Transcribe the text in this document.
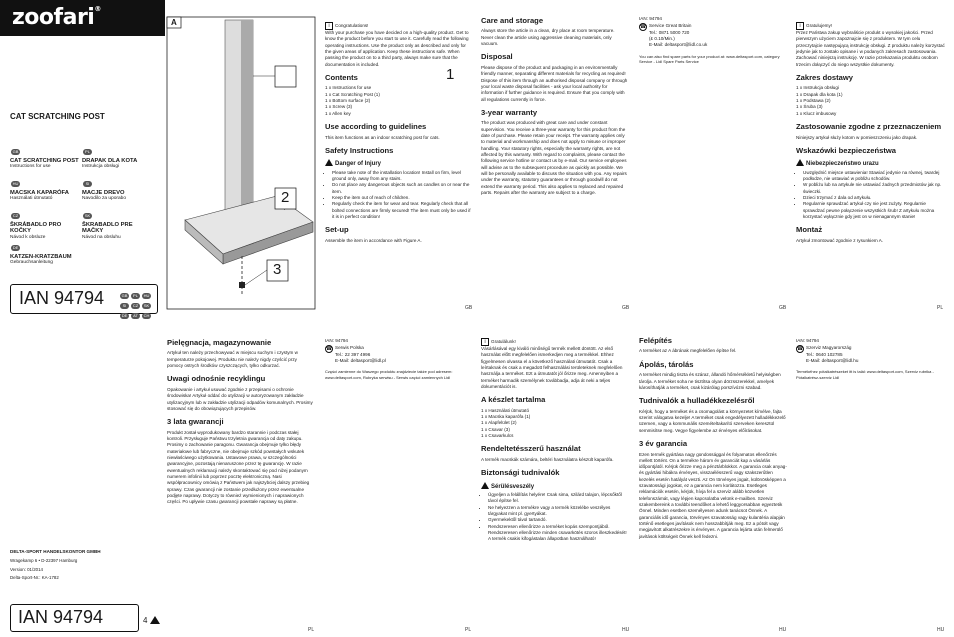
zoofari®
CAT SCRATCHING POST
GB
CAT SCRATCHING POST
Instructions for use
PL
DRAPAK DLA KOTA
Instrukcja obsługi
HU
MACSKA KAPARÓFA
Használati útmutató
SI
MACJE DREVO
Navodilo za uporabo
CZ
ŠKRÁBADLO PRO KOČKY
Návod k obsluze
SK
ŠKRABADLO PRE MAČKY
Návod na obsluhu
DE
KATZEN-KRATZBAUM
Gebrauchsanleitung
IAN 94794	GB PL HUSI CZ SKDE AT CH
A
1
2
3
i Congratulations!
With your purchase you have decided on a high-quality product. Get to know the product before you start to use it. Carefully read the following operating instructions. Use the product only as described and only for the given areas of application. Keep these instructions safe. When passing the product on to a third party, always make sure that the documentation is included.
Contents
1 x Instructions for use
1 x Cat Scratching Post (1)
1 x Bottom surface (2)
1 x Screw (3)
1 x Allen key
Use according to guidelines
This item functions as an indoor scratching post for cats.
Safety Instructions
Danger of Injury
• Please take note of the installation location! Install on firm, level ground only, away from any stairs.
• Do not place any dangerous objects such as candles on or near the item.
• Keep the item out of reach of children.
• Regularly check the item for wear and tear. Regularly check that all bolted connections are firmly secured! The item must only be used if it is in perfect condition!
Set-up
Assemble the item in accordance with Figure A.
Care and storage
Always store the article in a clean, dry place at room temperature. Never clean the article using aggressive cleaning materials, only vacuum.
Disposal
Please dispose of the product and packaging in an environmentally friendly manner, separating different materials for recycling as required! Dispose of this item through an authorised disposal company or through your local waste disposal facilities - ask your local authority for information if further guidance is required. Ensure that you comply with all regulations currently in force.
3-year warranty
The product was produced with great care and under constant supervision. You receive a three-year warranty for this product from the date of purchase. Please retain your receipt. The warranty applies only to material and workmanship and does not apply to misuse or improper handling. Your statutory rights, especially the warranty rights, are not affected by this warranty. With regard to complaints, please contact the following service hotline or contact us by e-mail. Our service employees will advise as to the subsequent procedure as quickly as possible. We will be personally available to discuss the situation with you. Any repairs under the warranty, statutory guarantees or through goodwill do not extend the warranty period. This also applies to replaced and repaired parts. Repairs after the warranty are subject to a charge.
IAN: 94794
☎ Service Great Britain
Tel.: 0871 5000 720
(£ 0.10/Min.)
E-Mail: deltasport@lidl.co.uk
You can also find spare parts for your product at: www.deltasport.com, category Service - Lidl Spare Parts Service
i Gratulujemy!
Przez Państwa zakup wybraliście produkt o wysokiej jakości. Przed pierwszym użyciem zapoznajcie się z produktem. W tym celu przeczytajcie następującą instrukcję obsługi. Z produktu należy korzystać jedynie jak to zostało opisane i w podanych zakresach zastosowania. Zachować niniejszą instrukcję. W razie przekazania produktu osobom trzecim dołączyć do niego wszystkie dokumenty.
Zakres dostawy
1 x Instrukcja obsługi
1 x Drapak dla kota (1)
1 x Podstawa (2)
1 x Śruba (3)
1 x Klucz imbusowy
Zastosowanie zgodne z przeznaczeniem
Niniejszy artykuł służy kotom w pomieszczeniu jako drapak.
Wskazówki bezpieczeństwa
Niebezpieczeństwo urazu
• Uwzględnić miejsce ustawienia! Stawiać jedynie na równej, twardej podłodze, nie ustawiać w pobliżu schodów.
• W pobliżu lub na artykule nie ustawiać żadnych przedmiotów jak np. świeczki.
• Dzieci trzymać z dala od artykułu.
• Regularnie sprawdzać artykuł czy nie jest zużyty. Regularnie sprawdzać pewne połączenie wszystkich śrub! Z artykułu można korzystać wyłącznie gdy jest on w nienagannym stanie!
Montaż
Artykuł zmontować zgodnie z rysunkiem A.
GB	GB	GB	PL
DELTA-SPORT HANDELSKONTOR GMBH
Wragekamp 6 • D-22397 Hamburg
Version: 01/2014
Delta-Sport-Nr.: KA-1782
IAN 94794	4
Pielęgnacja, magazynowanie
Artykuł ten należy przechowywać w miejscu suchym i czystym w temperaturze pokojowej. Produktu nie należy nigdy czyścić przy pomocy ostrych środków czyszczących, tylko odkurzać.
Uwagi odnośnie recyklingu
Opakowanie i artykuł usuwać zgodnie z przepisami o ochronie środowiska! Artykuł oddać do utylizacji w autoryzowanym zakładzie utylizacyjnym lub w zakładzie utylizacji odpadów komunalnych. Prosimy stosować się do obowiązujących przepisów.
3 lata gwarancji
Produkt został wyprodukowany bardzo starannie i podczas stałej kontroli. Przysługuje Państwu trzyletnia gwarancja od daty zakupu. Prosimy o zachowanie paragonu. Gwarancja obejmuje tylko błędy materiałowe lub fabryczne, nie obejmuje szkód powstałych wskutek niewłaściwego użytkowania. Ustawowe prawa, w szczególności gwarancyjne, pozostają nienaruszone przez tę gwarancję. W razie ewentualnych reklamacji należy skontaktować się pod niżej podanym numerem infolinii lub poprzez pocztę elektroniczną. Nasi współpracownicy omówią z Państwem jak najszybciej dalszy przebieg sprawy. Czas gwarancji nie zostanie przedłużony przez ewentualne podjęte naprawy. Dotyczy to również wymienionych i naprawionych części. Po upływie czasu gwarancji powstałe naprawy są płatne.
IAN: 94794
☎ Serwis Polska
Tel.: 22 397 4996
E-Mail: deltasport@lidl.pl
Części zamienne do Waszego produktu znajdziecie także pod adresem: www.deltasport.com, Rubryka serwisu - Serwis części zamiennych Lidl
i Gratulálunk!
Vásárlásával egy kiváló minőségű termék mellett döntött. Az első használat előtt megfelelően ismerkedjen meg a termékkel. Ehhez figyelmesen olvassa el a következő használati útmutatót. Csak a leírtaknak és csak a megadott felhasználási területeknek megfelelően használja a terméket. Ezt a útmutatót jól őrizze meg. Amennyiben a terméket harmadik személynek továbbadja, adja át neki a teljes dokumentációt is.
A készlet tartalma
1 x Használati útmutató
1 x Macska kaparófa (1)
1 x Alapfelület (2)
1 x Csavar (3)
1 x Csavarkulcs
Rendeltetésszerű használat
A termék macskák számára, beltéri használatra készült kaparófa.
Biztonsági tudnivalók
Sérülésveszély
• Ügyeljen a felállítás helyére! Csak sima, szilárd talajon, lépcsőktől távol építse fel.
• Ne helyezzen a termékre vagy a termék közelébe veszélyes tárgyakat mint pl. gyertyákat.
• Gyermekektől távol tartandó.
• Rendszeresen ellenőrizze a terméket kopás szempontjából. Rendszeresen ellenőrizze minden csavarkötés szoros illeszkedését! A termék csakis kifogástalan állapotban használható!
Felépítés
A terméket az A ábrának megfelelően építse fel.
Ápolás, tárolás
A terméket mindig tiszta és száraz, állandó hőmérsékletű helyiségben tárolja. A terméket soha ne tisztítsa olyan dörzsszerekkel, amelyek károsíthatják a terméket, csak kizárólag porszívózni szabad.
Tudnivalók a hulladékkezelésről
Kérjük, hogy a terméket és a csomagolást a környezetet kímélve, fajta szerint válogatva kezelje! A terméket csak engedélyezett hulladékkezelő üzemen, vagy a kommunális szemételtakarító szerveken keresztül semmisítse meg. Vegye figyelembe az érvényes előírásokat.
3 év garancia
Ezen termék gyártása nagy gondossággal és folyamatos ellenőrzés mellett történt. On a termékre három év garanciát kap a vásárlás időpontjától. Kérjük őrizze meg a pénztárblokkot. A garancia csak anyag- és gyártási hibákra érvényes, visszaélésszerű vagy szakszerűtlen kezelés esetén hatályát veszti. Az On törvényes jogait, különösképpen a szavatossági jogokat, ez a garancia nem korlátozza. Esetleges reklamációk esetén, kérjük, hívja fel a szerviz alább közvetlen telefonszámát, vagy lépjen kapcsolatba velünk e-mailben. Szerviz szakembereink a további teendőket a lehető leggyorsabban egyeztetik Önnel. Minden esetben személyesen adunk tanácsot Önnek. A garanciális idő garancia, törvényes szavatosság vagy kulantéria alapján történő esetleges javítások nem hosszabbítják meg. Ez a pótolt vagy megjavított alkatrészekre is érvényes. A garancia lejárta után felmerülő javítások költségeit Önnek kell fedezni.
IAN: 94794
☎ Szerviz Magyarország
Tel.: 0640 102785
E-Mail: deltasport@lidl.hu
Termékéhez pótalkatrészeket itt is talál: www.deltasport.com, Szerviz rubrika - Pótalkatrész-szerviz Lidl
PL	PL	HU	HU	HU
